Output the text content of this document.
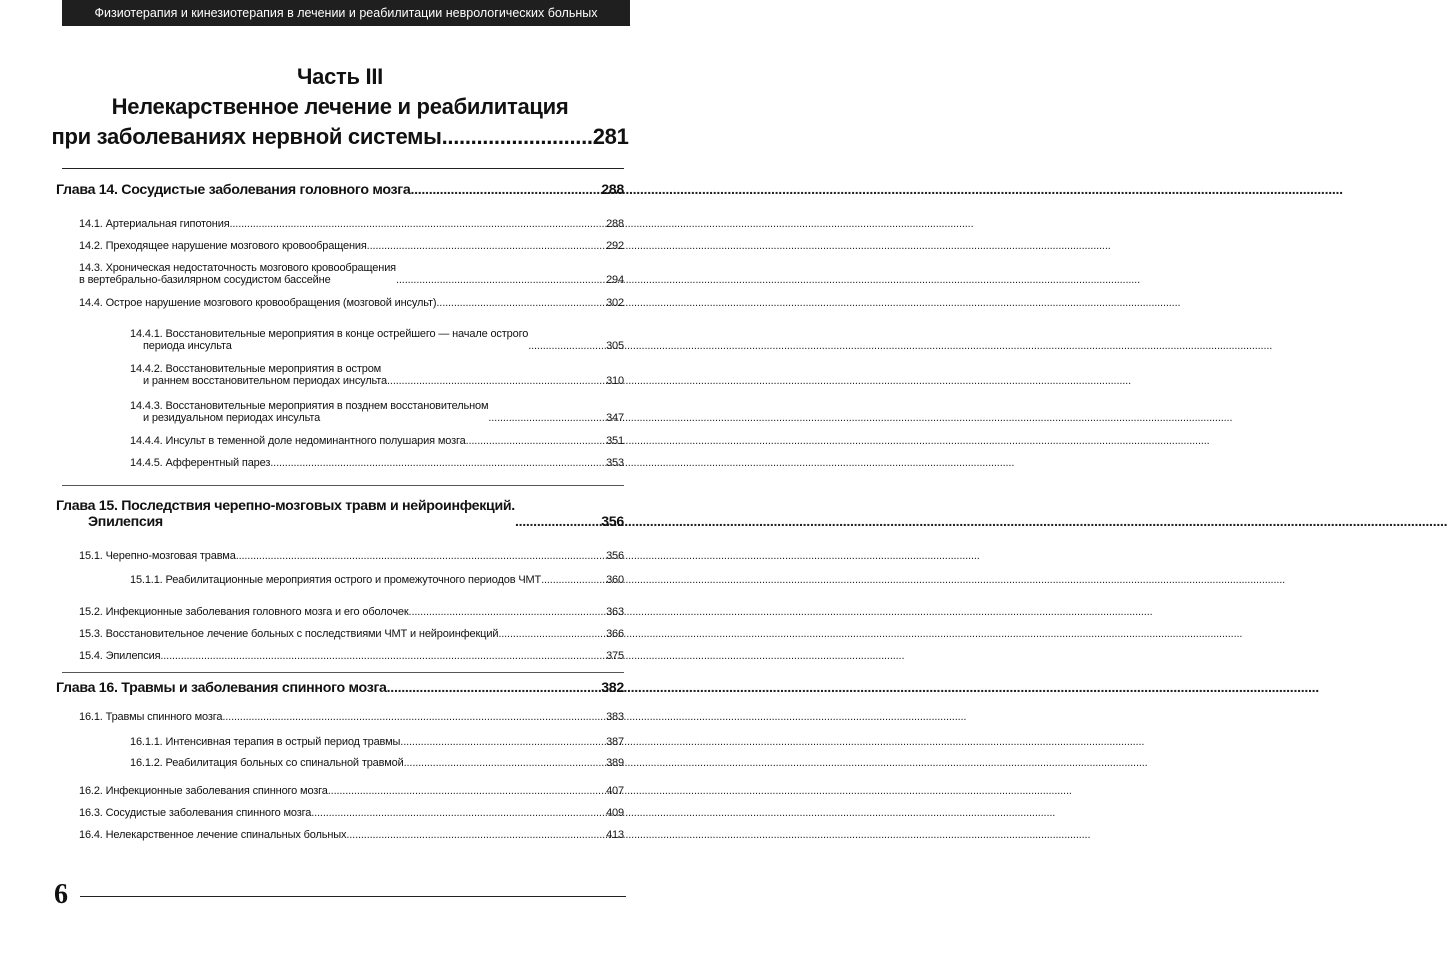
Физиотерапия и кинезиотерапия в лечении и реабилитации неврологических больных
Часть III
Нелекарственное лечение и реабилитация
при заболеваниях нервной системы .......................... 281
Глава 14. Сосудистые заболевания головного мозга .....	288
14.1. Артериальная гипотония .....	288
14.2. Преходящее нарушение мозгового кровообращения .....	292
14.3. Хроническая недостаточность мозгового кровообращения
в вертебрально-базилярном сосудистом бассейне .....	294
14.4. Острое нарушение мозгового кровообращения (мозговой инсульт) .....	302
14.4.1. Восстановительные мероприятия в конце острейшего — начале острого
периода инсульта .....	305
14.4.2. Восстановительные мероприятия в остром
и раннем восстановительном периодах инсульта .....	310
14.4.3. Восстановительные мероприятия в позднем восстановительном
и резидуальном периодах инсульта .....	347
14.4.4. Инсульт в теменной доле недоминантного полушария мозга .....	351
14.4.5. Афферентный парез .....	353
Глава 15. Последствия черепно-мозговых травм и нейроинфекций.
Эпилепсия .....	356
15.1. Черепно-мозговая травма .....	356
15.1.1. Реабилитационные мероприятия острого и промежуточного периодов ЧМТ .....	360
15.2. Инфекционные заболевания головного мозга и его оболочек .....	363
15.3. Восстановительное лечение больных с последствиями ЧМТ и нейроинфекций .....	366
15.4. Эпилепсия .....	375
Глава 16. Травмы и заболевания спинного мозга .....	382
16.1. Травмы спинного мозга .....	383
16.1.1. Интенсивная терапия в острый период травмы .....	387
16.1.2. Реабилитация больных со спинальной травмой .....	389
16.2. Инфекционные заболевания спинного мозга .....	407
16.3. Сосудистые заболевания спинного мозга .....	409
16.4. Нелекарственное лечение спинальных больных .....	413
6
